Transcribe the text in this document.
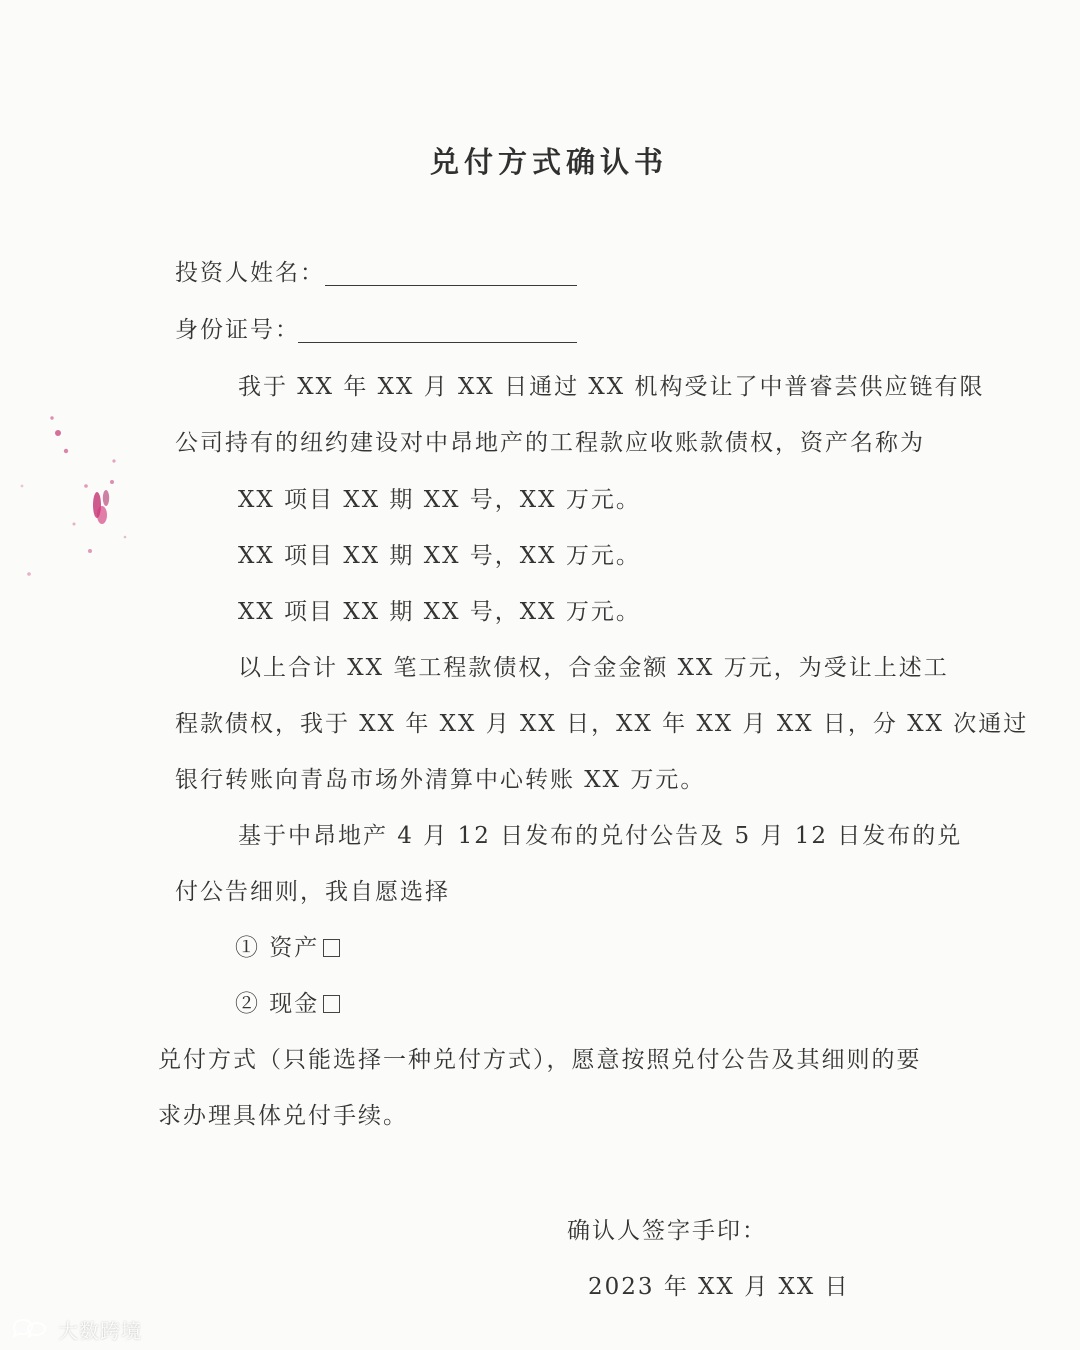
兑付方式确认书
投资人姓名：
身份证号：
我于 XX 年 XX 月 XX 日通过 XX 机构受让了中普睿芸供应链有限
公司持有的纽约建设对中昂地产的工程款应收账款债权，资产名称为
XX 项目 XX 期 XX 号，XX 万元。
XX 项目 XX 期 XX 号，XX 万元。
XX 项目 XX 期 XX 号，XX 万元。
以上合计 XX 笔工程款债权，合金金额 XX 万元，为受让上述工
程款债权，我于 XX 年 XX 月 XX 日，XX 年 XX 月 XX 日，分 XX 次通过
银行转账向青岛市场外清算中心转账 XX 万元。
基于中昂地产 4 月 12 日发布的兑付公告及 5 月 12 日发布的兑
付公告细则，我自愿选择
① 资产
② 现金
兑付方式（只能选择一种兑付方式），愿意按照兑付公告及其细则的要
求办理具体兑付手续。
确认人签字手印：
2023 年 XX 月 XX 日
大数跨境
